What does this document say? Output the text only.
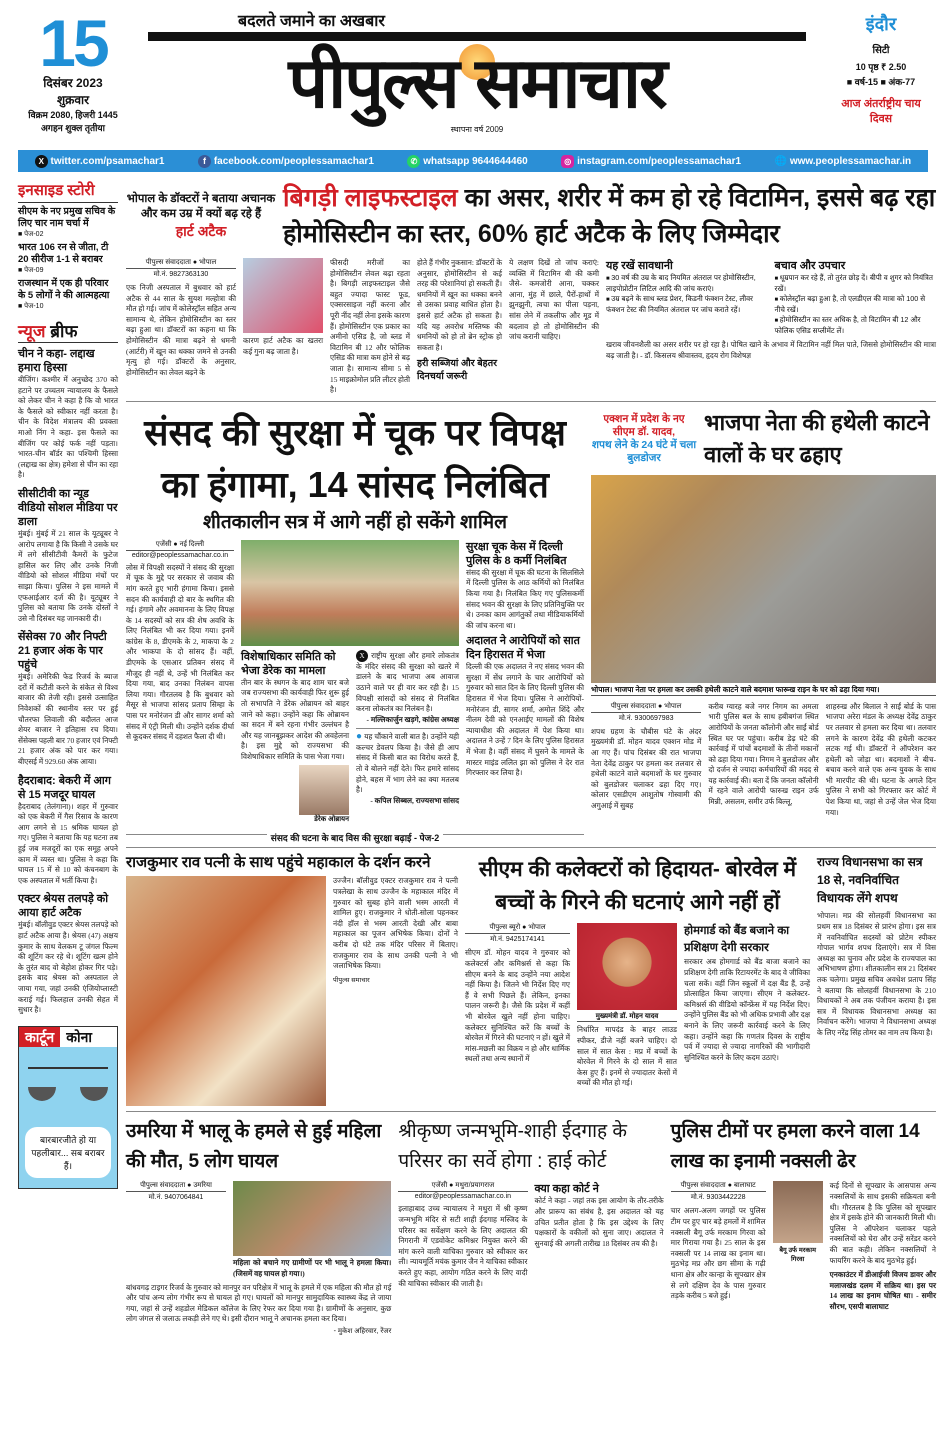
15
दिसंबर 2023
शुक्रवार
विक्रम 2080, हिजरी 1445
अगहन शुक्ल तृतीया
बदलते जमाने का अखबार
पीपुल्स समाचार
स्थापना वर्ष 2009
इंदौर
सिटी
10 पृष्ठ ₹ 2.50
■ वर्ष-15 ■ अंक-77
आज अंतर्राष्ट्रीय चाय दिवस
X twitter.com/psamachar1	f facebook.com/peoplessamachar1	✆ whatsapp 9644644460	◎ instagram.com/peoplessamachar1	🌐 www.peoplessamachar.in
इनसाइड स्टोरी
सीएम के नए प्रमुख सचिव के लिए चार नाम चर्चा में
■ पेज-02
भारत 106 रन से जीता, टी 20 सीरीज 1-1 से बराबर
■ पेज-09
राजस्थान में एक ही परिवार के 5 लोगों ने की आत्महत्या
■ पेज-10
न्यूज ब्रीफ
चीन ने कहा- लद्दाख हमारा हिस्सा
बीजिंग। कश्मीर में अनुच्छेद 370 को हटाने पर उच्चतम न्यायालय के फैसले को लेकर चीन ने कहा है कि वो भारत के फैसले को स्वीकार नहीं करता है। चीन के विदेश मंत्रालय की प्रवक्ता माओ निंग ने कहा- इस फैसले का बीजिंग पर कोई फर्क नहीं पड़ता। भारत-चीन बॉर्डर का पश्चिमी हिस्सा (लद्दाख का क्षेत्र) हमेशा से चीन का रहा है।
सीसीटीवी का न्यूड वीडियो सोशल मीडिया पर डाला
मुंबई। मुंबई में 21 साल के यूट्यूबर ने आरोप लगाया है कि किसी ने उसके घर में लगे सीसीटीवी कैमरों के फुटेज हासिल कर लिए और उनके निजी वीडियो को सोशल मीडिया मंचों पर साझा किया। पुलिस ने इस मामले में एफआईआर दर्ज की है। यूट्यूबर ने पुलिस को बताया कि उनके दोस्तों ने उसे नौ दिसंबर यह जानकारी दी।
सेंसेक्स 70 और निफ्टी 21 हजार अंक के पार पहुंचे
मुंबई। अमेरिकी फेड रिजर्व के ब्याज दरों में कटौती करने के संकेत से विश्व बाजार की तेजी रही। इससे उत्साहित निवेशकों की स्थानीय स्तर पर हुई चौतरफा लिवाली की बदौलत आज शेयर बाजार ने इतिहास रच दिया। सेंसेक्स पहली बार 70 हजार एवं निफ्टी 21 हजार अंक को पार कर गया। बीएसई में 929.60 अंक आया।
हैदराबाद: बेकरी में आग से 15 मजदूर घायल
हैदराबाद (तेलंगाना)। शहर में गुरुवार को एक बेकरी में गैस रिसाव के कारण आग लगने से 15 श्रमिक घायल हो गए। पुलिस ने बताया कि यह घटना तब हुई जब मजदूरों का एक समूह अपने काम में व्यस्त था। पुलिस ने कहा कि घायल 15 में से 10 को कंचनबाग के एक अस्पताल में भर्ती किया है।
एक्टर श्रेयस तलपड़े को आया हार्ट अटैक
मुंबई। बॉलीवुड एक्टर श्रेयस तलपड़े को हार्ट अटैक आया है। श्रेयस (47) अक्षय कुमार के साथ वेलकम टू जंगल फिल्म की शूटिंग कर रहे थे। शूटिंग खत्म होने के तुरंत बाद वो बेहोश होकर गिर पड़े। इसके बाद श्रेयस को अस्पताल ले जाया गया, जहां उनकी एंजियोप्लास्टी कराई गई। फिलहाल उनकी सेहत में सुधार है।
कार्टून कोना
बारबारजीते हो या पहलीबार... सब बराबर हैं।
भोपाल के डॉक्टरों ने बताया अचानक और कम उम्र में क्यों बढ़ रहे हैं
हार्ट अटैक
बिगड़ी लाइफस्टाइल का असर, शरीर में कम हो रहे विटामिन, इससे बढ़ रहा होमोसिस्टीन का स्तर, 60% हार्ट अटैक के लिए जिम्मेदार
पीपुल्स संवाददाता ● भोपाल
मो.नं. 9827363130
एक निजी अस्पताल में बुधवार को हार्ट अटैक से 44 साल के सुयश मल्होत्रा की मौत हो गई। जांच में कोलेस्ट्रॉल सहित अन्य सामान्य थे, लेकिन होमोसिस्टीन का स्तर बढ़ा हुआ था। डॉक्टरों का कहना था कि होमोसिस्टीन की मात्रा बढ़ने से धमनी (आर्टरी) में खून का थक्का जमने से उनकी मृत्यु हो गई। डॉक्टरों के अनुसार, होमोसिस्टीन का लेवल बढ़ने के
कारण हार्ट अटैक का खतरा कई गुना बढ़ जाता है।
फीसदी मरीजों का होमोसिस्टीन लेवल बढ़ा रहता है। बिगड़ी लाइफस्टाइल जैसे बहुत ज्यादा फास्ट फूड, एक्सरसाइज नहीं करना और पूरी नींद नहीं लेना इसके कारण हैं। होमोसिस्टीन एक प्रकार का अमीनो एसिड है, जो ब्लड में विटामिन बी 12 और फोलिक एसिड की मात्रा कम होने से बढ़ जाता है। सामान्य सीमा 5 से 15 माइक्रोमोल प्रति लीटर होती है।
होते हैं गंभीर नुकसान: डॉक्टरों के अनुसार, होमोसिस्टीन से कई तरह की परेशानियां हो सकती हैं। धमनियों में खून का थक्का बनने से उसका प्रवाह बाधित होता है। इससे हार्ट अटैक हो सकता है। यदि यह अवरोध मस्तिष्क की धमनियों को हो तो ब्रेन स्ट्रोक हो सकता है।
हरी सब्जियां और बेहतर दिनचर्या जरूरी
ये लक्षण दिखें तो जांच कराएं: व्यक्ति में विटामिन बी की कमी जैसे- कमजोरी आना, चक्कर आना, मुंह में छाले, पैरों-हाथों में झुनझुनी, त्वचा का पीला पड़ना, सांस लेने में तकलीफ और मूड में बदलाव हो तो होमोसिस्टीन की जांच करानी चाहिए।
यह रखें सावधानी
■ 30 वर्ष की उम्र के बाद नियमित अंतराल पर होमोसिस्टीन, लाइपोप्रोटीन लिटिल आदि की जांच कराएं।
■ उम्र बढ़ने के साथ ब्लड प्रेशर, किडनी फंक्शन टेस्ट, लीवर फंक्शन टेस्ट की नियमित अंतराल पर जांच कराते रहें।
बचाव और उपचार
■ धूम्रपान कर रहे हैं, तो तुरंत छोड़ दें। बीपी व शुगर को नियंत्रित रखें।
■ कोलेस्ट्रॉल बढ़ा हुआ है, तो एलडीएल की मात्रा को 100 से नीचे रखें।
■ होमोसिस्टीन का स्तर अधिक है, तो विटामिन बी 12 और फोलिक एसिड सप्लीमेंट लें।
खराब जीवनशैली का असर शरीर पर हो रहा है। पोषित खाने के अभाव में विटामिन नहीं मिल पाते, जिससे होमोसिस्टीन की मात्रा बढ़ जाती है। - डॉ. किसलय श्रीवास्तव, हृदय रोग विशेषज्ञ
संसद की सुरक्षा में चूक पर विपक्ष का हंगामा, 14 सांसद निलंबित
शीतकालीन सत्र में आगे नहीं हो सकेंगे शामिल
एजेंसी ● नई दिल्ली
editor@peoplessamachar.co.in
लोस में विपक्षी सदस्यों ने संसद की सुरक्षा में चूक के मुद्दे पर सरकार से जवाब की मांग करते हुए भारी हंगामा किया। इससे सदन की कार्यवाही दो बार के स्थगित की गई। हंगामे और अवमानना के लिए विपक्ष के 14 सदस्यों को सत्र की शेष अवधि के लिए निलंबित भी कर दिया गया। इनमें कांग्रेस के 8, डीएमके के 2, माकपा के 2 और भाकपा के दो सांसद हैं। वहीं, डीएमके के एसआर प्रतिबन संसद में मौजूद ही नहीं थे, उन्हें भी निलंबित कर दिया गया, बाद उनका निलंबन वापस लिया गया। गौरतलब है कि बुधवार को मैसूर से भाजपा सांसद प्रताप सिम्हा के पास पर मनोरंजन डी और सागर शर्मा को संसद में एंट्री मिली थी। उन्होंने दर्शक दीर्घा से कूदकर संसद में दहशत फैला दी थी।
विशेषाधिकार समिति को भेजा डेरेक का मामला
तीन बार के स्थगन के बाद शाम चार बजे जब राज्यसभा की कार्यवाही फिर शुरू हुई तो सभापति ने डेरेक ओब्रायन को बाहर जाने को कहा। उन्होंने कहा कि ओब्रायन का सदन में बने रहना गंभीर उल्लंघन है और यह जानबूझकर आदेश की अवहेलना है। इस मुद्दे को राज्यसभा की विशेषाधिकार समिति के पास भेजा गया।
डेरेक ओब्रायन
X राष्ट्रीय सुरक्षा और हमारे लोकतंत्र के मंदिर संसद की सुरक्षा को खतरे में डालने के बाद भाजपा अब आवाज उठाने वाले पर ही वार कर रही है। 15 विपक्षी सांसदों को संसद से निलंबित करना लोकतंत्र का निलंबन है।
- मल्लिकार्जुन खड़गे, कांग्रेस अध्यक्ष
● यह चौंकाने वाली बात है। उन्होंने यही कल्चर डेवलप किया है। जैसे ही आप संसद में किसी बात का विरोध करते हैं, तो वे बोलने नहीं देते। फिर हमारे सांसद होने, बहस में भाग लेने का क्या मतलब है।
- कपिल सिब्बल, राज्यसभा सांसद
सुरक्षा चूक केस में दिल्ली पुलिस के 8 कर्मी निलंबित
संसद की सुरक्षा में चूक की घटना के सिलसिले में दिल्ली पुलिस के आठ कर्मियों को निलंबित किया गया है। निलंबित किए गए पुलिसकर्मी संसद भवन की सुरक्षा के लिए प्रतिनियुक्ति पर थे। उनका काम आगंतुकों तथा मीडियाकर्मियों की जांच करना था।
अदालत ने आरोपियों को सात दिन हिरासत में भेजा
दिल्ली की एक अदालत ने नए संसद भवन की सुरक्षा में सेंध लगाने के चार आरोपियों को गुरुवार को सात दिन के लिए दिल्ली पुलिस की हिरासत में भेज दिया। पुलिस ने आरोपियों- मनोरंजन डी, सागर शर्मा, अमोल शिंदे और नीलम देवी को एनआईए मामलों की विशेष न्यायाधीश की अदालत में पेश किया था। अदालत ने उन्हें 7 दिन के लिए पुलिस हिरासत में भेजा है। वहीं संसद में घुसने के मामले के मास्टर माइंड ललित झा को पुलिस ने देर रात गिरफ्तार कर लिया है।
$^{संसद की घटना के बाद विस की सुरक्षा बढ़ाई - पेज-2}$
एक्शन में प्रदेश के नए सीएम डॉ. यादव,
शपथ लेने के 24 घंटे में चला बुलडोजर
भाजपा नेता की हथेली काटने वालों के घर ढहाए
भोपाल। भाजपा नेता पर हमला कर उसकी हथेली काटने वाले बदमाश फारूख राइन के घर को ढहा दिया गया।
पीपुल्स संवाददाता ● भोपाल
मो.नं. 9300697983
शपथ ग्रहण के चौबीस घंटे के अंदर मुख्यमंत्री डॉ. मोहन यादव एक्शन मोड में आ गए हैं। पांच दिसंबर की रात भाजपा नेता देवेंद्र ठाकुर पर हमला कर तलवार से हथेली काटने वाले बदमाशों के घर गुरुवार को बुलडोजर चलाकर ढहा दिए गए। कोलार एसडीएम आशुतोष गोस्वामी की अगुआई में सुबह
करीब ग्यारह बजे नगर निगम का अमला भारी पुलिस बल के साथ हबीबगंज स्थित आरोपियों के जनता कॉलोनी और साईं बोर्ड स्थित घर पर पहुंचा। करीब डेढ़ घंटे की कार्रवाई में पांचों बदमाशों के तीनों मकानों को ढहा दिया गया। निगम ने बुलडोजर और दो दर्जन से ज्यादा कर्मचारियों की मदद से यह कार्रवाई की। बता दें कि जनता कॉलोनी में रहने वाले आरोपी फारुख राइन उर्फ मिन्नी, असलम, समीर उर्फ बिल्लू,
शाहरुख और बिलाल ने साईं बोर्ड के पास भाजपा अरेरा मंडल के अध्यक्ष देवेंद्र ठाकुर पर तलवार से हमला कर दिया था। तलवार लगने के कारण देवेंद्र की हथेली कटकर लटक गई थी। डॉक्टरों ने ऑपरेशन कर हथेली को जोड़ा था। बदमाशों ने बीच-बचाव करने वाले एक अन्य युवक के साथ भी मारपीट की थी। घटना के अगले दिन पुलिस ने सभी को गिरफ्तार कर कोर्ट में पेश किया था, जहां से उन्हें जेल भेज दिया गया।
राजकुमार राव पत्नी के साथ पहुंचे महाकाल के दर्शन करने
उज्जैन। बॉलीवुड एक्टर राजकुमार राव ने पत्नी पत्रलेखा के साथ उज्जैन के महाकाल मंदिर में गुरुवार को सुबह होने वाली भस्म आरती में शामिल हुए। राजकुमार ने धोती-सोला पहनकर नंदी हॉल से भस्म आरती देखी और बाबा महाकाल का पूजन अभिषेक किया। दोनों ने करीब दो घंटे तक मंदिर परिसर में बिताए। राजकुमार राव के साथ उनकी पत्नी ने भी जलाभिषेक किया।
पीपुल्स समाचार
सीएम की कलेक्टरों को हिदायत- बोरवेल में बच्चों के गिरने की घटनाएं आगे नहीं हों
पीपुल्स ब्यूरो ● भोपाल
मो.नं. 9425174141
सीएम डॉ. मोहन यादव ने गुरुवार को कलेक्टर्स और कमिश्नर्स से कहा कि सीएम बनने के बाद उन्होंने नया आदेश नहीं किया है। जितने भी निर्देश दिए गए हैं वे सभी पिछले हैं। लेकिन, इनका पालन जरूरी है। जैसे कि प्रदेश में कहीं भी बोरवेल खुले नहीं होना चाहिए। कलेक्टर सुनिश्चित करें कि बच्चों के बोरवेल में गिरने की घटनाएं न हों। खुले में मांस-मछली का विक्रय न हो और धार्मिक स्थलों तथा अन्य स्थानों में
मुख्यमंत्री डॉ. मोहन यादव
निर्धारित मापदंड के बाहर लाउड स्पीकर, डीजे नहीं बजने चाहिए। दो साल में सात केस : मप्र में बच्चों के बोरवेल में गिरने के दो साल में सात केस हुए हैं। इनमें से ज्यादातर केसों में बच्चों की मौत हो गई।
होमगार्ड को बैंड बजाने का प्रशिक्षण देगी सरकार
सरकार अब होमगार्ड को बैंड बाजा बजाने का प्रशिक्षण देगी ताकि रिटायरमेंट के बाद वे जीविका चला सकें। वहीं जिन स्कूलों में दक्ष बैंड हैं, उन्हें प्रोत्साहित किया जाएगा। सीएम ने कलेक्टर-कमिश्नर्स की वीडियो कॉन्फ्रेंस में यह निर्देश दिए। उन्होंने पुलिस बैंड को भी अधिक प्रभावी और दक्ष बनाने के लिए जरूरी कार्रवाई करने के लिए कहा। उन्होंने कहा कि गणतंत्र दिवस के राष्ट्रीय पर्व में ज्यादा से ज्यादा नागरिकों की भागीदारी सुनिश्चित करने के लिए कदम उठाएं।
राज्य विधानसभा का सत्र 18 से, नवनिर्वाचित विधायक लेंगे शपथ
भोपाल। मप्र की सोलहवीं विधानसभा का प्रथम सत्र 18 दिसंबर से प्रारंभ होगा। इस सत्र में नवनिर्वाचित सदस्यों को प्रोटेम स्पीकर गोपाल भार्गव शपथ दिलाएंगे। सत्र में विस अध्यक्ष का चुनाव और प्रदेश के राज्यपाल का अभिभाषण होगा। शीतकालीन सत्र 21 दिसंबर तक चलेगा। प्रमुख सचिव अवधेश प्रताप सिंह ने बताया कि सोलहवीं विधानसभा के 210 विधायकों ने अब तक पंजीयन कराया है। इस सत्र में विधायक विधानसभा अध्यक्ष का निर्वाचन करेंगे। भाजपा ने विधानसभा अध्यक्ष के लिए नरेंद्र सिंह तोमर का नाम तय किया है।
उमरिया में भालू के हमले से हुई महिला की मौत, 5 लोग घायल
पीपुल्स संवाददाता ● उमरिया
मो.नं. 9407064841
महिला को बचाने गए ग्रामीणों पर भी भालू ने हमला किया। (जिसमें वह घायल हो गया।)
बांधवगढ़ टाइगर रिजर्व के गुरुवार को मानपुर वन परिक्षेत्र में भालू के हमले में एक महिला की मौत हो गई और पांच अन्य लोग गंभीर रूप से घायल हो गए। घायलों को मानपुर सामुदायिक स्वास्थ्य केंद्र ले जाया गया, जहां से उन्हें शहडोल मेडिकल कॉलेज के लिए रेफर कर दिया गया है। ग्रामीणों के अनुसार, कुछ लोग जंगल से जलाऊ लकड़ी लेने गए थे। इसी दौरान भालू ने अचानक हमला कर दिया।
- मुकेश अहिरवार, रेंजर
श्रीकृष्ण जन्मभूमि-शाही ईदगाह के परिसर का सर्वे होगा : हाई कोर्ट
एजेंसी ● मथुरा/प्रयागराज
editor@peoplessamachar.co.in
इलाहाबाद उच्च न्यायालय ने मथुरा में श्री कृष्ण जन्मभूमि मंदिर से सटी शाही ईदगाह मस्जिद के परिसर का सर्वेक्षण करने के लिए अदालत की निगरानी में एडवोकेट कमिश्नर नियुक्त करने की मांग करने वाली याचिका गुरुवार को स्वीकार कर ली। न्यायमूर्ति मयंक कुमार जैन ने याचिका स्वीकार करते हुए कहा, आयोग गठित करने के लिए वादी की याचिका स्वीकार की जाती है।
क्या कहा कोर्ट ने
कोर्ट ने कहा - जहां तक इस आयोग के तौर-तरीके और प्रारूप का संबंध है, इस अदालत को यह उचित प्रतीत होता है कि इस उद्देश्य के लिए पक्षकारों के वकीलों को सुना जाए। अदालत ने सुनवाई की अगली तारीख 18 दिसंबर तय की है।
पुलिस टीमों पर हमला करने वाला 14 लाख का इनामी नक्सली ढेर
पीपुल्स संवाददाता ● बालाघाट
मो.नं. 9303442228
चार अलग-अलग जगहों पर पुलिस टीम पर हुए चार बड़े हमलों में शामिल नक्सली बैगू उर्फ मरकाम गिरवा को मार गिराया गया है। 25 साल के इस नक्सली पर 14 लाख का इनाम था। मुठभेड़ मप्र और छग सीमा के गढ़ी थाना क्षेत्र और कान्हा के सूपखार क्षेत्र से लगे दक्षिण देव के पास गुरुवार तड़के करीब 5 बजे हुई।
बैगू उर्फ मरकाम गिरवा
कई दिनों से सूपखार के आसपास अन्य नक्सलियों के साथ इसकी सक्रियता बनी थी। गौरतलब है कि पुलिस को सूपखार क्षेत्र में इसके होने की जानकारी मिली थी। पुलिस ने ऑपरेशन चलाकर पहले नक्सलियों को घेरा और उन्हें सरेंडर करने की बात कही। लेकिन नक्सलियों ने फायरिंग करने के बाद मुठभेड़ हुई।
एनकाउंटर में डीआईजी विजय डावर और मलाजखंड दलम में सक्रिय था। इस पर 14 लाख का इनाम घोषित था। - समीर सौरभ, एसपी बालाघाट
